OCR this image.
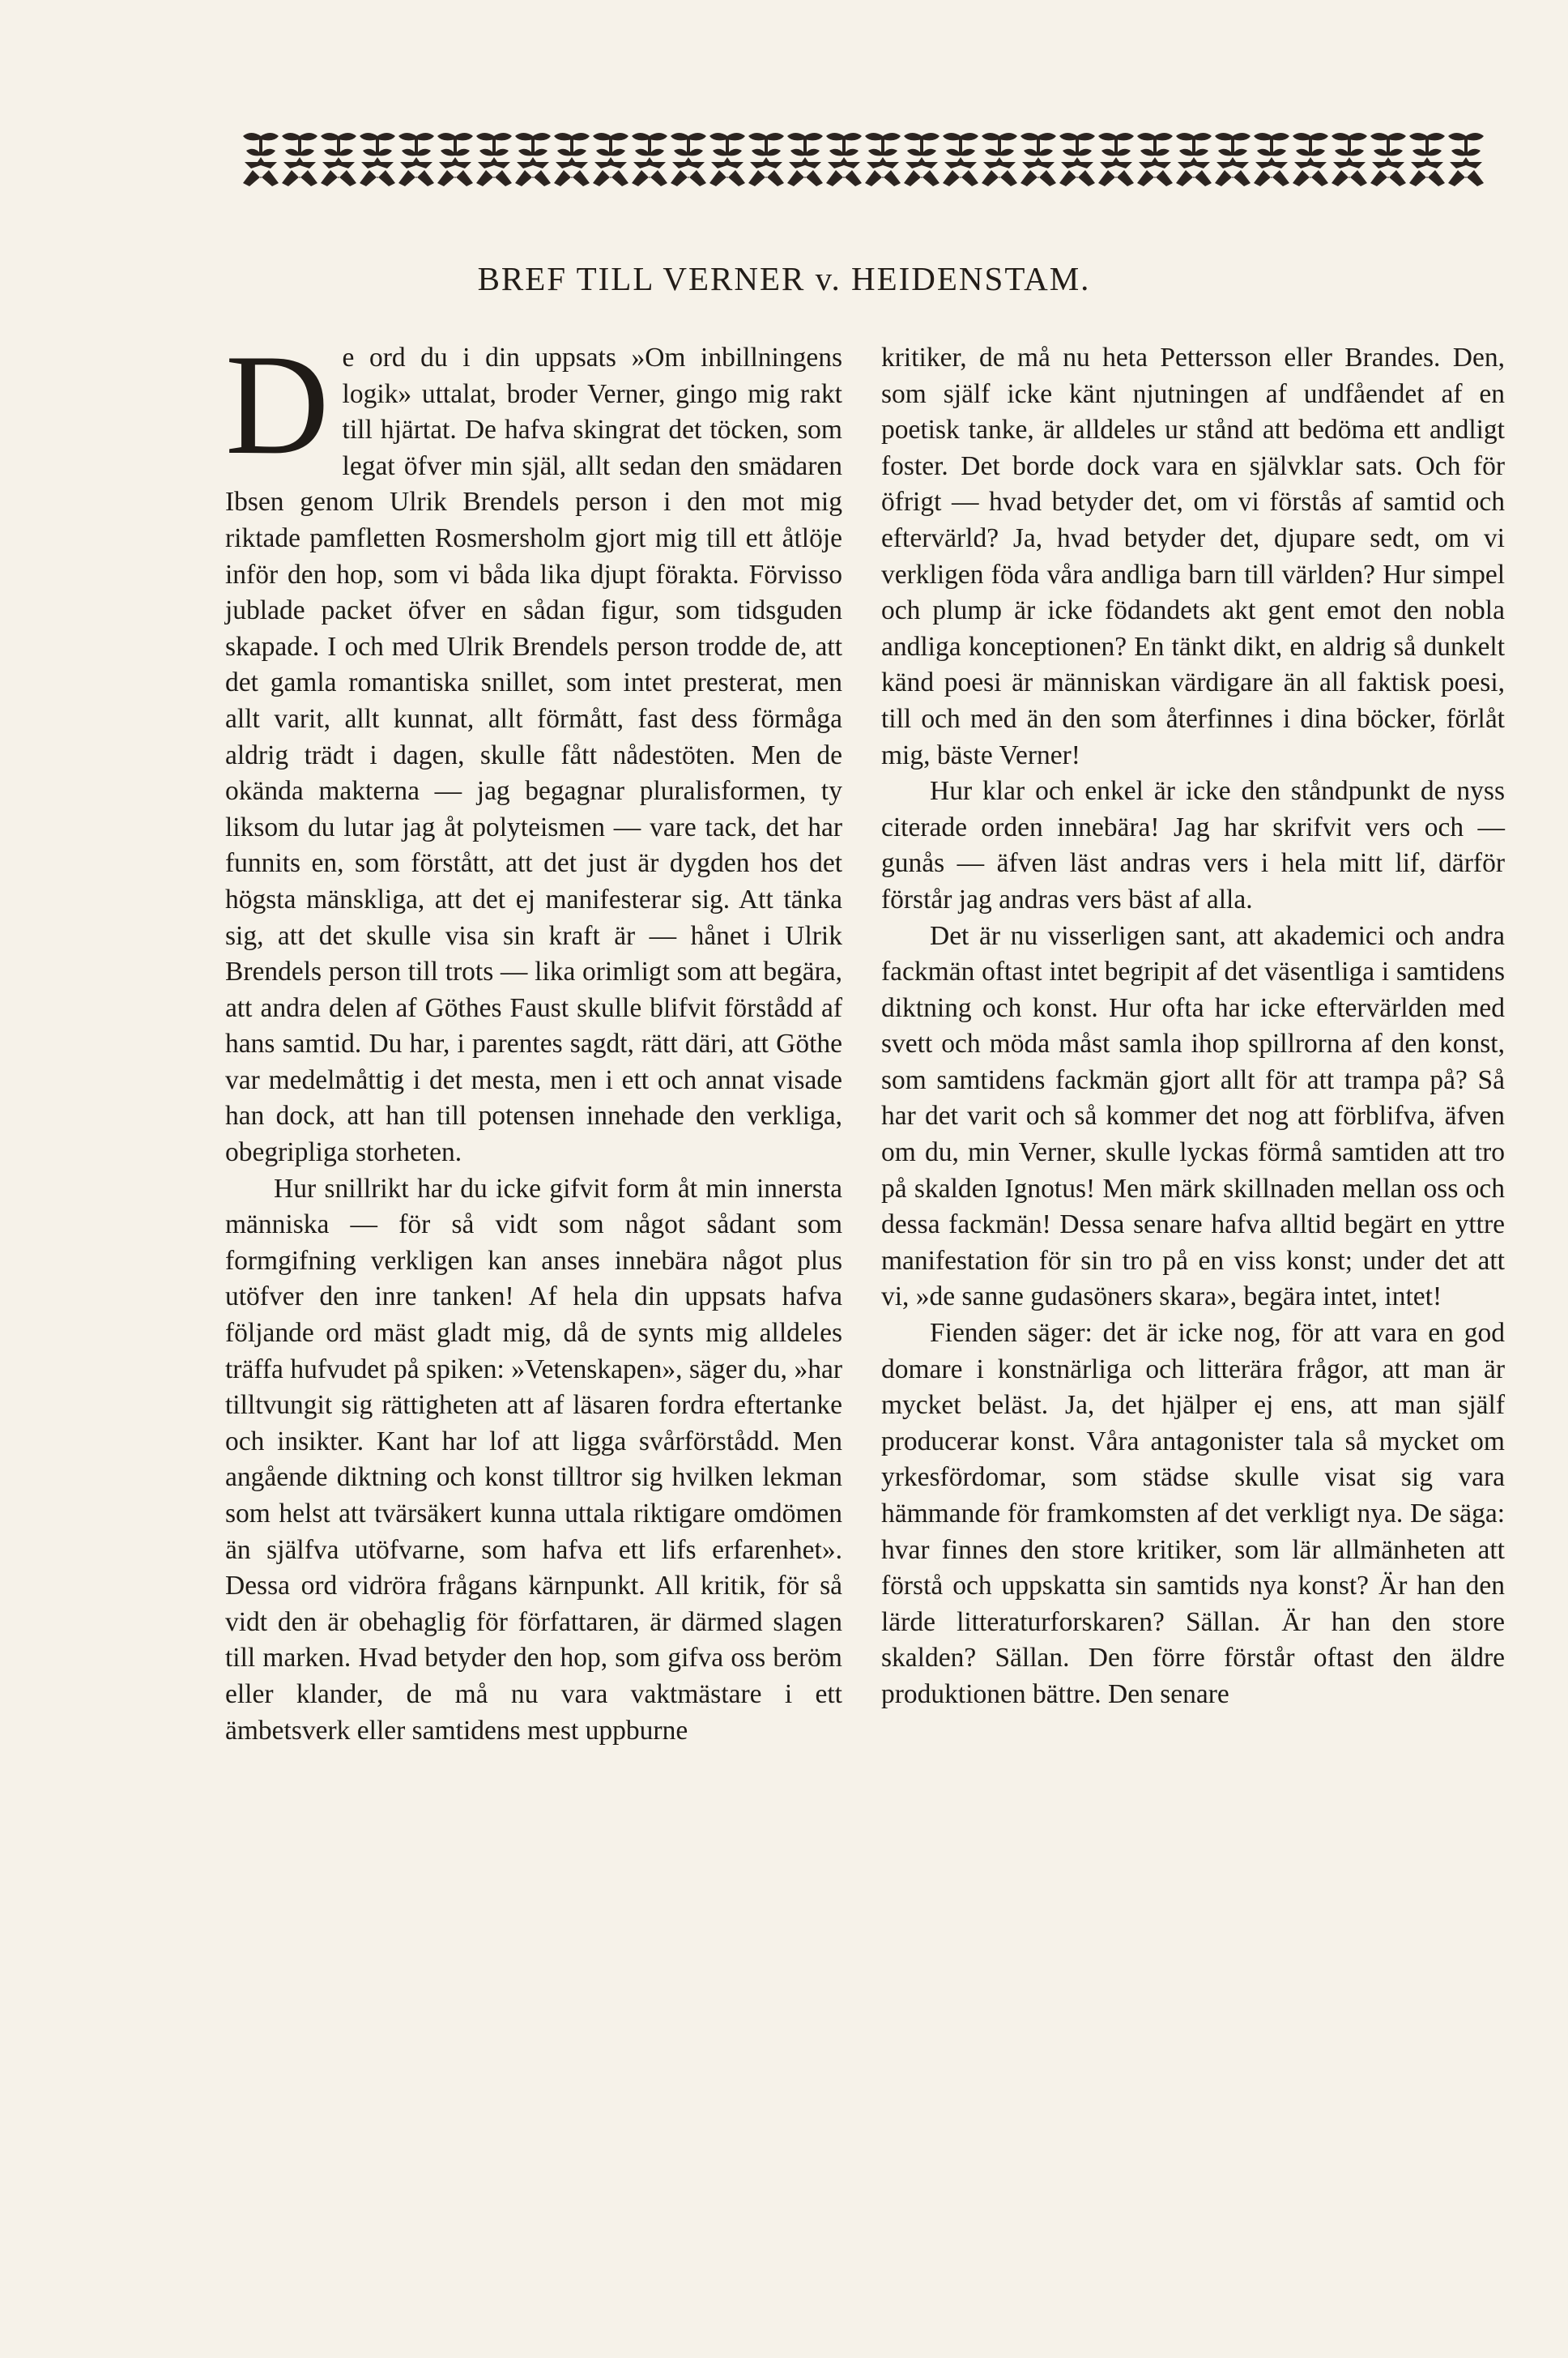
BREF TILL VERNER v. HEIDENSTAM.

De ord du i din uppsats »Om inbillningens logik» uttalat, broder Verner, gingo mig rakt till hjärtat. De hafva skingrat det töcken, som legat öfver min själ, allt sedan den smädaren Ibsen genom Ulrik Brendels person i den mot mig riktade pamfletten Rosmersholm gjort mig till ett åtlöje inför den hop, som vi båda lika djupt förakta. Förvisso jublade packet öfver en sådan figur, som tidsguden skapade. I och med Ulrik Brendels person trodde de, att det gamla romantiska snillet, som intet presterat, men allt varit, allt kunnat, allt förmått, fast dess förmåga aldrig trädt i dagen, skulle fått nådestöten. Men de okända makterna — jag begagnar pluralisformen, ty liksom du lutar jag åt polyteismen — vare tack, det har funnits en, som förstått, att det just är dygden hos det högsta mänskliga, att det ej manifesterar sig. Att tänka sig, att det skulle visa sin kraft är — hånet i Ulrik Brendels person till trots — lika orimligt som att begära, att andra delen af Göthes Faust skulle blifvit förstådd af hans samtid. Du har, i parentes sagdt, rätt däri, att Göthe var medelmåttig i det mesta, men i ett och annat visade han dock, att han till potensen innehade den verkliga, obegripliga storheten.

Hur snillrikt har du icke gifvit form åt min innersta människa — för så vidt som något sådant som formgifning verkligen kan anses innebära något plus utöfver den inre tanken! Af hela din uppsats hafva följande ord mäst gladt mig, då de synts mig alldeles träffa hufvudet på spiken: »Vetenskapen», säger du, »har tilltvungit sig rättigheten att af läsaren fordra eftertanke och insikter. Kant har lof att ligga svårförstådd. Men angående diktning och konst tilltror sig hvilken lekman som helst att tvärsäkert kunna uttala riktigare omdömen än själfva utöfvarne, som hafva ett lifs erfarenhet». Dessa ord vidröra frågans kärnpunkt. All kritik, för så vidt den är obehaglig för författaren, är därmed slagen till marken. Hvad betyder den hop, som gifva oss beröm eller klander, de må nu vara vaktmästare i ett ämbetsverk eller samtidens mest uppburne

kritiker, de må nu heta Pettersson eller Brandes. Den, som själf icke känt njutningen af undfåendet af en poetisk tanke, är alldeles ur stånd att bedöma ett andligt foster. Det borde dock vara en självklar sats. Och för öfrigt — hvad betyder det, om vi förstås af samtid och eftervärld? Ja, hvad betyder det, djupare sedt, om vi verkligen föda våra andliga barn till världen? Hur simpel och plump är icke födandets akt gent emot den nobla andliga konceptionen? En tänkt dikt, en aldrig så dunkelt känd poesi är människan värdigare än all faktisk poesi, till och med än den som återfinnes i dina böcker, förlåt mig, bäste Verner!

Hur klar och enkel är icke den ståndpunkt de nyss citerade orden innebära! Jag har skrifvit vers och — gunås — äfven läst andras vers i hela mitt lif, därför förstår jag andras vers bäst af alla.

Det är nu visserligen sant, att akademici och andra fackmän oftast intet begripit af det väsentliga i samtidens diktning och konst. Hur ofta har icke eftervärlden med svett och möda måst samla ihop spillrorna af den konst, som samtidens fackmän gjort allt för att trampa på? Så har det varit och så kommer det nog att förblifva, äfven om du, min Verner, skulle lyckas förmå samtiden att tro på skalden Ignotus! Men märk skillnaden mellan oss och dessa fackmän! Dessa senare hafva alltid begärt en yttre manifestation för sin tro på en viss konst; under det att vi, »de sanne gudasöners skara», begära intet, intet!

Fienden säger: det är icke nog, för att vara en god domare i konstnärliga och litterära frågor, att man är mycket beläst. Ja, det hjälper ej ens, att man själf producerar konst. Våra antagonister tala så mycket om yrkesfördomar, som städse skulle visat sig vara hämmande för framkomsten af det verkligt nya. De säga: hvar finnes den store kritiker, som lär allmänheten att förstå och uppskatta sin samtids nya konst? Är han den lärde litteraturforskaren? Sällan. Är han den store skalden? Sällan. Den förre förstår oftast den äldre produktionen bättre. Den senare
